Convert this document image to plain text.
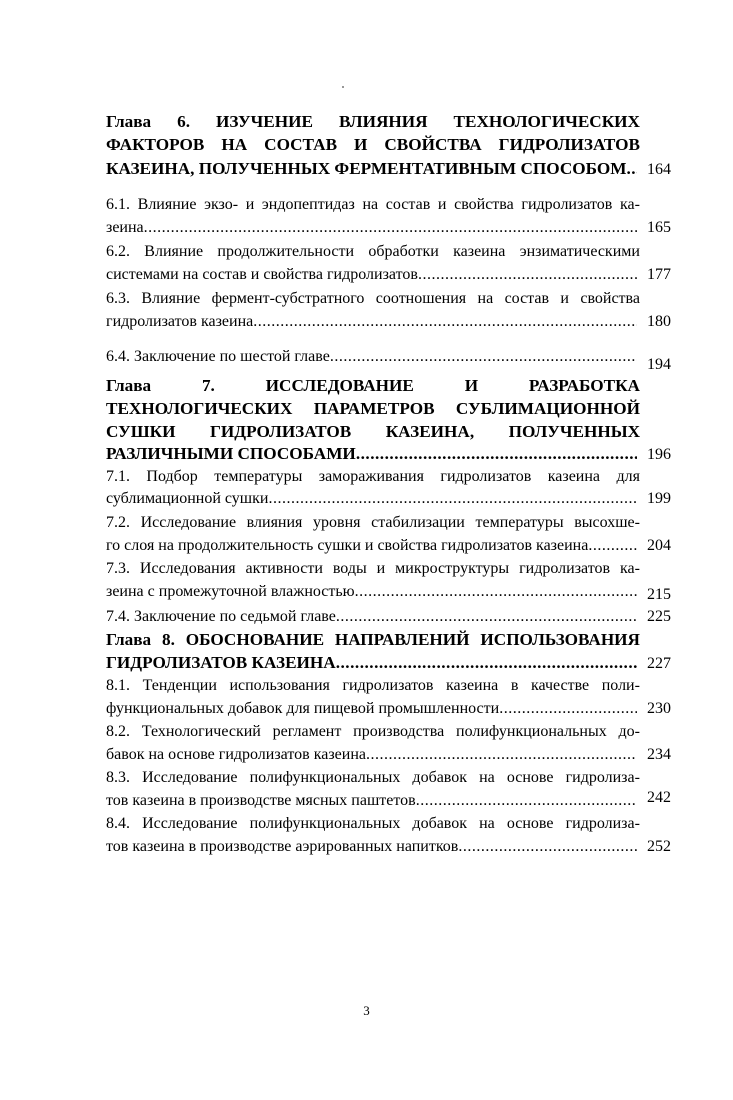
Глава 6. ИЗУЧЕНИЕ ВЛИЯНИЯ ТЕХНОЛОГИЧЕСКИХ
ФАКТОРОВ НА СОСТАВ И СВОЙСТВА ГИДРОЛИЗАТОВ
КАЗЕИНА, ПОЛУЧЕННЫХ ФЕРМЕНТАТИВНЫМ СПОСОБОМ .....	164
6.1. Влияние экзо- и эндопептидаз на состав и свойства гидролизатов ка-
зеина .....	165
6.2. Влияние продолжительности обработки казеина энзиматическими
системами на состав и свойства гидролизатов .....	177
6.3. Влияние фермент-субстратного соотношения на состав и свойства
гидролизатов казеина .....	180
6.4. Заключение по шестой главе .....	194
Глава	7.	ИССЛЕДОВАНИЕ	И	РАЗРАБОТКА
ТЕХНОЛОГИЧЕСКИХ ПАРАМЕТРОВ СУБЛИМАЦИОННОЙ
СУШКИ ГИДРОЛИЗАТОВ КАЗЕИНА, ПОЛУЧЕННЫХ
РАЗЛИЧНЫМИ СПОСОБАМИ .....	196
7.1. Подбор температуры замораживания гидролизатов казеина для
сублимационной сушки .....	199
7.2. Исследование влияния уровня стабилизации температуры высохше-
го слоя на продолжительность сушки и свойства гидролизатов казеина .....	204
7.3. Исследования активности воды и микроструктуры гидролизатов ка-
зеина с промежуточной влажностью .....	215
7.4. Заключение по седьмой главе .....	225
Глава 8. ОБОСНОВАНИЕ НАПРАВЛЕНИЙ ИСПОЛЬЗОВАНИЯ
ГИДРОЛИЗАТОВ КАЗЕИНА .....	227
8.1. Тенденции использования гидролизатов казеина в качестве поли-
функциональных добавок для пищевой промышленности .....	230
8.2. Технологический регламент производства полифункциональных до-
бавок на основе гидролизатов казеина .....	234
8.3. Исследование полифункциональных добавок на основе гидролиза-
тов казеина в производстве мясных паштетов .....	242
8.4. Исследование полифункциональных добавок на основе гидролиза-
тов казеина в производстве аэрированных напитков .....	252
3
